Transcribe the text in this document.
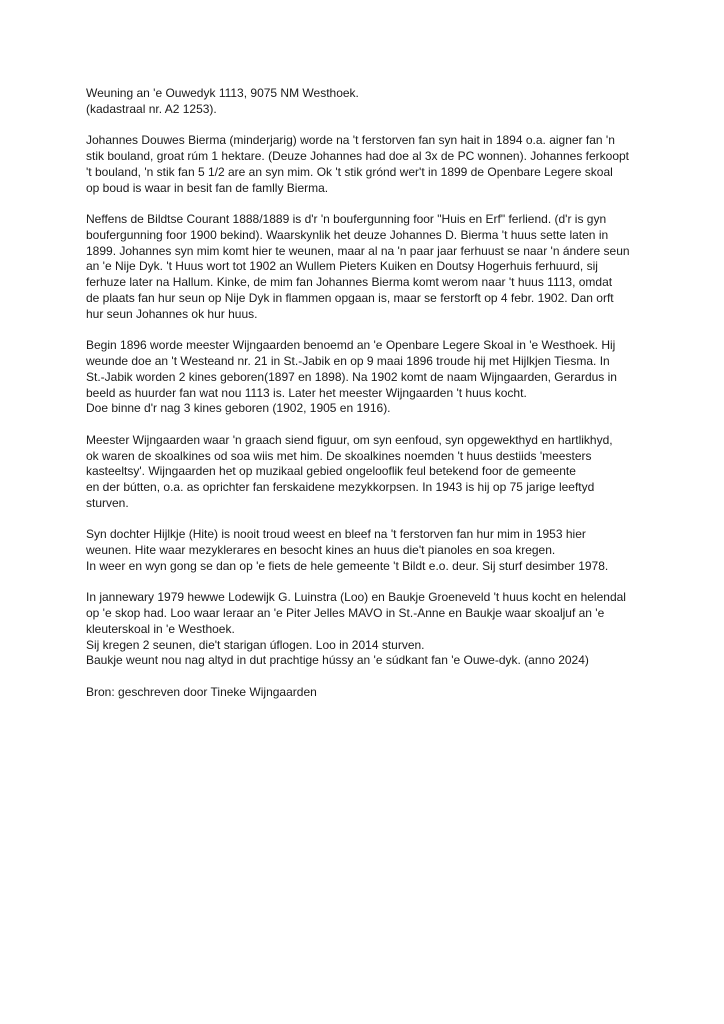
Weuning an 'e Ouwedyk 1113, 9075 NM Westhoek.
(kadastraal nr. A2 1253).

Johannes Douwes Bierma (minderjarig) worde na 't ferstorven fan syn hait in 1894 o.a. aigner fan 'n
stik bouland, groat rúm 1 hektare. (Deuze Johannes had doe al 3x de PC wonnen). Johannes ferkoopt
't bouland, 'n stik fan 5 1/2 are an syn mim. Ok 't stik grónd wer't in 1899 de Openbare Legere skoal
op boud is waar in besit fan de famlly Bierma.

Neffens de Bildtse Courant 1888/1889 is d'r 'n boufergunning foor "Huis en Erf" ferliend. (d'r is gyn
boufergunning foor 1900 bekind). Waarskynlik het deuze Johannes D. Bierma 't huus sette laten in
1899. Johannes syn mim komt hier te weunen, maar al na 'n paar jaar ferhuust se naar 'n ándere seun
an 'e Nije Dyk. 't Huus wort tot 1902 an Wullem Pieters Kuiken en Doutsy Hogerhuis ferhuurd, sij
ferhuze later na Hallum. Kinke, de mim fan Johannes Bierma komt werom naar 't huus 1113, omdat
de plaats fan hur seun op Nije Dyk in flammen opgaan is, maar se ferstorft op 4 febr. 1902. Dan orft
hur seun Johannes ok hur huus.

Begin 1896 worde meester Wijngaarden benoemd an 'e Openbare Legere Skoal in 'e Westhoek. Hij
weunde doe an 't Westeand nr. 21 in St.-Jabik en op 9 maai 1896 troude hij met Hijlkjen Tiesma. In
St.-Jabik worden 2 kines geboren(1897 en 1898). Na 1902 komt de naam Wijngaarden, Gerardus in
beeld as huurder fan wat nou 1113 is. Later het meester Wijngaarden 't huus kocht.
Doe binne d'r nag 3 kines geboren (1902, 1905 en 1916).

Meester Wijngaarden waar 'n graach siend figuur, om syn eenfoud, syn opgewekthyd en hartlikhyd,
ok waren de skoalkines od soa wiis met him. De skoalkines noemden 't huus destiids 'meesters
kasteeltsy'. Wijngaarden het op muzikaal gebied ongelooflik feul betekend foor de gemeente
en der bútten, o.a. as oprichter fan ferskaidene mezykkorpsen. In 1943 is hij op 75 jarige leeftyd
sturven.

Syn dochter Hijlkje (Hite) is nooit troud weest en bleef na 't ferstorven fan hur mim in 1953 hier
weunen. Hite waar mezyklerares en besocht kines an huus die't pianoles en soa kregen.
In weer en wyn gong se dan op 'e fiets de hele gemeente 't Bildt e.o. deur. Sij sturf desimber 1978.

In jannewary 1979 hewwe Lodewijk G. Luinstra (Loo) en Baukje Groeneveld 't huus kocht en helendal
op 'e skop had. Loo waar leraar an 'e Piter Jelles MAVO in St.-Anne en Baukje waar skoaljuf an 'e
kleuterskoal in 'e Westhoek.
Sij kregen 2 seunen, die't starigan úflogen. Loo in 2014 sturven.
Baukje weunt nou nag altyd in dut prachtige hússy an 'e súdkant fan 'e Ouwe-dyk. (anno 2024)

Bron: geschreven door Tineke Wijngaarden
